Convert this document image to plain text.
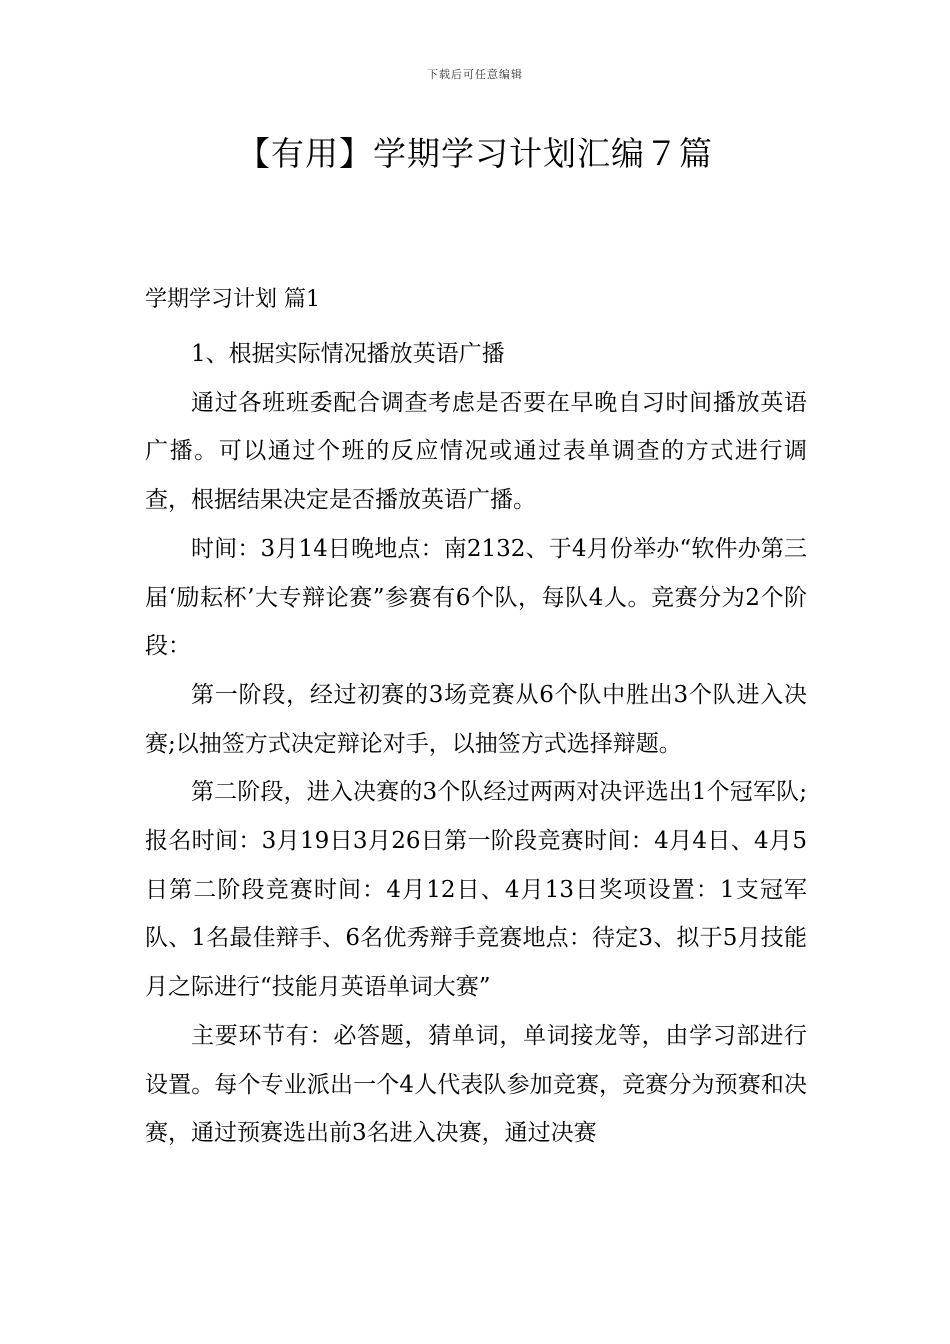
下载后可任意编辑
【有用】学期学习计划汇编７篇
学期学习计划 篇1

1、根据实际情况播放英语广播

通过各班班委配合调查考虑是否要在早晚自习时间播放英语广播。可以通过个班的反应情况或通过表单调查的方式进行调查，根据结果决定是否播放英语广播。

时间：3月14日晚地点：南2132、于4月份举办“软件办第三届‘励耘杯’大专辩论赛”参赛有6个队，每队4人。竞赛分为2个阶段：

第一阶段，经过初赛的3场竞赛从6个队中胜出3个队进入决赛;以抽签方式决定辩论对手，以抽签方式选择辩题。

第二阶段，进入决赛的3个队经过两两对决评选出1个冠军队;报名时间：3月19日3月26日第一阶段竞赛时间：4月4日、4月5日第二阶段竞赛时间：4月12日、4月13日奖项设置：1支冠军队、1名最佳辩手、6名优秀辩手竞赛地点：待定3、拟于5月技能月之际进行“技能月英语单词大赛”

主要环节有：必答题，猜单词，单词接龙等，由学习部进行设置。每个专业派出一个4人代表队参加竞赛，竞赛分为预赛和决赛，通过预赛选出前3名进入决赛，通过决赛
